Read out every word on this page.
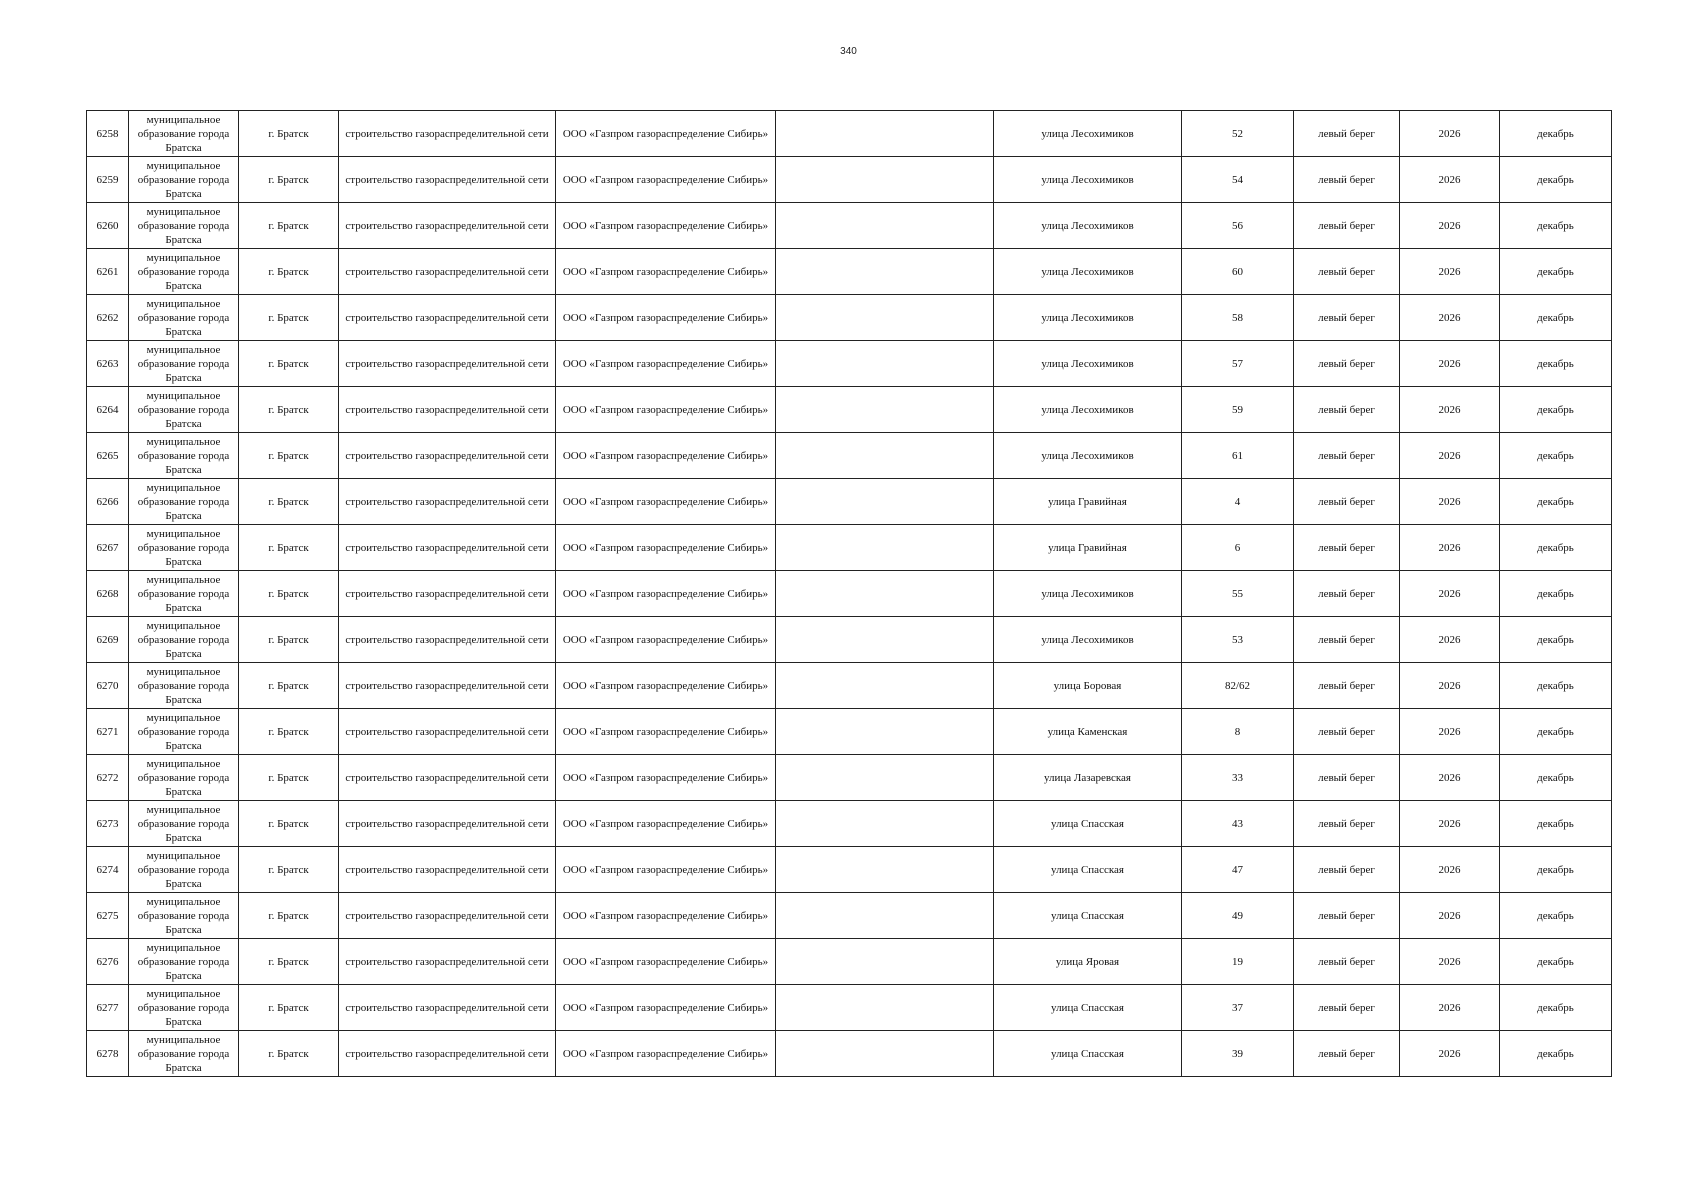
340
6258	муниципальное образование города Братска	г. Братск	строительство газораспределительной сети	ООО «Газпром газораспределение Сибирь»		улица Лесохимиков	52	левый берег	2026	декабрь
6259	муниципальное образование города Братска	г. Братск	строительство газораспределительной сети	ООО «Газпром газораспределение Сибирь»		улица Лесохимиков	54	левый берег	2026	декабрь
6260	муниципальное образование города Братска	г. Братск	строительство газораспределительной сети	ООО «Газпром газораспределение Сибирь»		улица Лесохимиков	56	левый берег	2026	декабрь
6261	муниципальное образование города Братска	г. Братск	строительство газораспределительной сети	ООО «Газпром газораспределение Сибирь»		улица Лесохимиков	60	левый берег	2026	декабрь
6262	муниципальное образование города Братска	г. Братск	строительство газораспределительной сети	ООО «Газпром газораспределение Сибирь»		улица Лесохимиков	58	левый берег	2026	декабрь
6263	муниципальное образование города Братска	г. Братск	строительство газораспределительной сети	ООО «Газпром газораспределение Сибирь»		улица Лесохимиков	57	левый берег	2026	декабрь
6264	муниципальное образование города Братска	г. Братск	строительство газораспределительной сети	ООО «Газпром газораспределение Сибирь»		улица Лесохимиков	59	левый берег	2026	декабрь
6265	муниципальное образование города Братска	г. Братск	строительство газораспределительной сети	ООО «Газпром газораспределение Сибирь»		улица Лесохимиков	61	левый берег	2026	декабрь
6266	муниципальное образование города Братска	г. Братск	строительство газораспределительной сети	ООО «Газпром газораспределение Сибирь»		улица Гравийная	4	левый берег	2026	декабрь
6267	муниципальное образование города Братска	г. Братск	строительство газораспределительной сети	ООО «Газпром газораспределение Сибирь»		улица Гравийная	6	левый берег	2026	декабрь
6268	муниципальное образование города Братска	г. Братск	строительство газораспределительной сети	ООО «Газпром газораспределение Сибирь»		улица Лесохимиков	55	левый берег	2026	декабрь
6269	муниципальное образование города Братска	г. Братск	строительство газораспределительной сети	ООО «Газпром газораспределение Сибирь»		улица Лесохимиков	53	левый берег	2026	декабрь
6270	муниципальное образование города Братска	г. Братск	строительство газораспределительной сети	ООО «Газпром газораспределение Сибирь»		улица Боровая	82/62	левый берег	2026	декабрь
6271	муниципальное образование города Братска	г. Братск	строительство газораспределительной сети	ООО «Газпром газораспределение Сибирь»		улица Каменская	8	левый берег	2026	декабрь
6272	муниципальное образование города Братска	г. Братск	строительство газораспределительной сети	ООО «Газпром газораспределение Сибирь»		улица Лазаревская	33	левый берег	2026	декабрь
6273	муниципальное образование города Братска	г. Братск	строительство газораспределительной сети	ООО «Газпром газораспределение Сибирь»		улица Спасская	43	левый берег	2026	декабрь
6274	муниципальное образование города Братска	г. Братск	строительство газораспределительной сети	ООО «Газпром газораспределение Сибирь»		улица Спасская	47	левый берег	2026	декабрь
6275	муниципальное образование города Братска	г. Братск	строительство газораспределительной сети	ООО «Газпром газораспределение Сибирь»		улица Спасская	49	левый берег	2026	декабрь
6276	муниципальное образование города Братска	г. Братск	строительство газораспределительной сети	ООО «Газпром газораспределение Сибирь»		улица Яровая	19	левый берег	2026	декабрь
6277	муниципальное образование города Братска	г. Братск	строительство газораспределительной сети	ООО «Газпром газораспределение Сибирь»		улица Спасская	37	левый берег	2026	декабрь
6278	муниципальное образование города Братска	г. Братск	строительство газораспределительной сети	ООО «Газпром газораспределение Сибирь»		улица Спасская	39	левый берег	2026	декабрь
